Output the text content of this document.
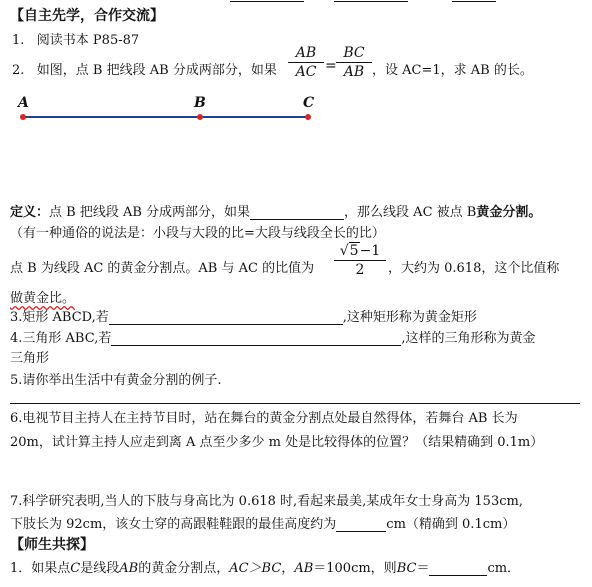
【自主先学，合作交流】
1.   阅读书本 P85-87
2.   如图，点 B 把线段 AB 分成两部分，如果
AB
AC =
BC
AB ，设 AC=1，求 AB 的长。
A	B	C
定义：点 B 把线段 AB 分成两部分，如果	，那么线段 AC 被点 B黄金分割。
（有一种通俗的说法是：小段与大段的比=大段与线段全长的比）
点 B 为线段 AC 的黄金分割点。AB 与 AC 的比值为
√5−1
2	，大约为 0.618，这个比值称
做黄金比。
3.矩形 ABCD,若	,这种矩形称为黄金矩形
4.三角形 ABC,若	,这样的三角形称为黄金
三角形
5.请你举出生活中有黄金分割的例子.
6.电视节目主持人在主持节目时，站在舞台的黄金分割点处最自然得体，若舞台 AB 长为
20m，试计算主持人应走到离 A 点至少多少 m 处是比较得体的位置？（结果精确到 0.1m）
7.科学研究表明,当人的下肢与身高比为 0.618 时,看起来最美,某成年女士身高为 153cm,
下肢长为 92cm，该女士穿的高跟鞋鞋跟的最佳高度约为	cm（精确到 0.1cm）
【师生共探】
1．如果点C是线段AB的黄金分割点，AC＞BC，AB＝100cm，则BC＝	cm．
